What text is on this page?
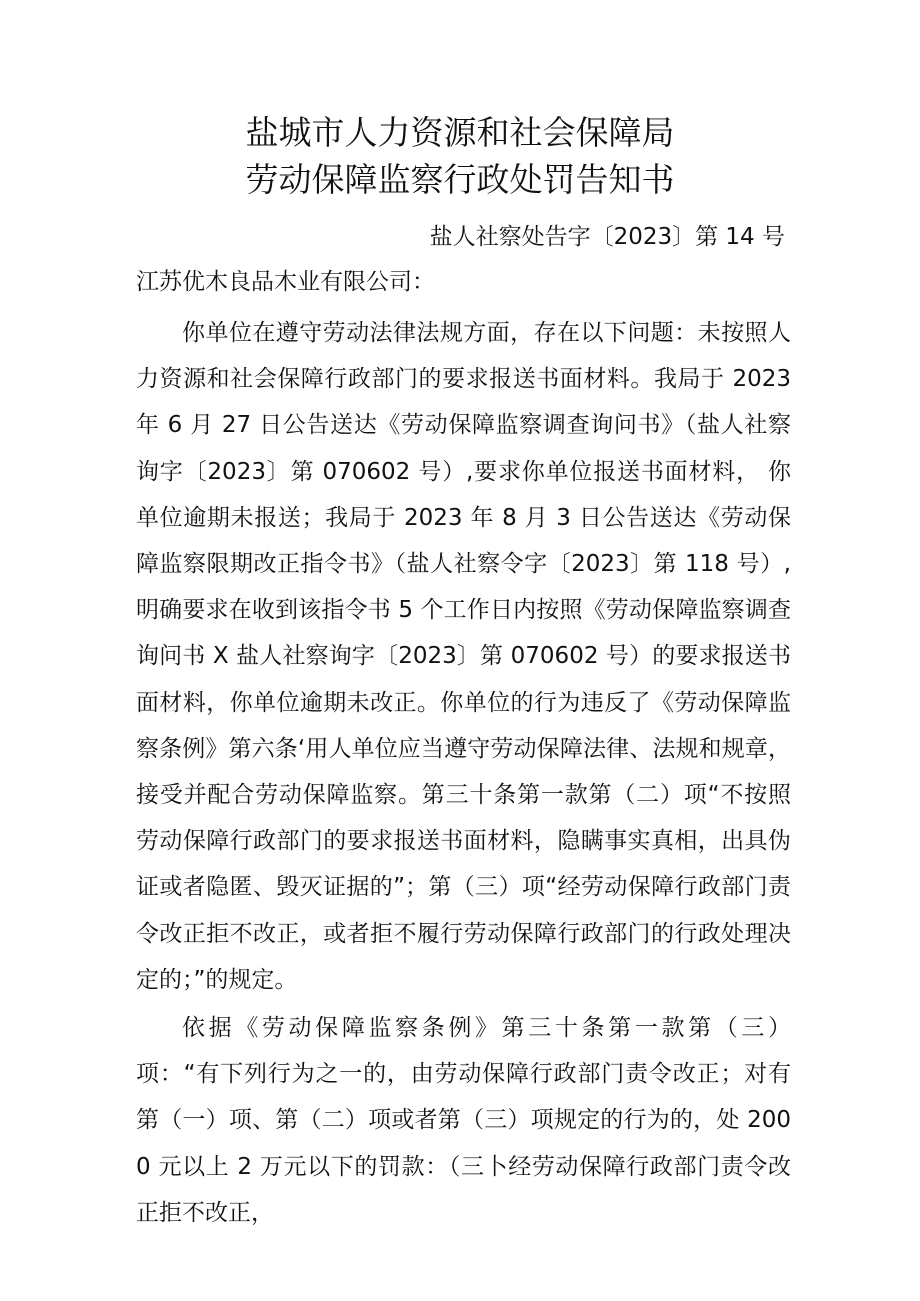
盐城市人力资源和社会保障局
劳动保障监察行政处罚告知书
盐人社察处告字〔2023〕第 14 号
江苏优木良品木业有限公司：

你单位在遵守劳动法律法规方面，存在以下问题：未按照人力资源和社会保障行政部门的要求报送书面材料。我局于 2023 年 6 月 27 日公告送达《劳动保障监察调查询问书》（盐人社察询字〔2023〕第 070602 号）,要求你单位报送书面材料， 你单位逾期未报送；我局于 2023 年 8 月 3 日公告送达《劳动保障监察限期改正指令书》（盐人社察令字〔2023〕第 118 号）,明确要求在收到该指令书 5 个工作日内按照《劳动保障监察调查询问书 X 盐人社察询字〔2023〕第 070602 号）的要求报送书面材料，你单位逾期未改正。你单位的行为违反了《劳动保障监察条例》第六条‘用人单位应当遵守劳动保障法律、法规和规章，接受并配合劳动保障监察。第三十条第一款第（二）项“不按照劳动保障行政部门的要求报送书面材料，隐瞒事实真相，出具伪证或者隐匿、毁灭证据的”；第（三）项“经劳动保障行政部门责令改正拒不改正，或者拒不履行劳动保障行政部门的行政处理决定的；”的规定。

依据《劳动保障监察条例》第三十条第一款第（三）项：“有下列行为之一的，由劳动保障行政部门责令改正；对有第（一）项、第（二）项或者第（三）项规定的行为的，处 2000 元以上 2 万元以下的罚款：（三卜经劳动保障行政部门责令改正拒不改正，
